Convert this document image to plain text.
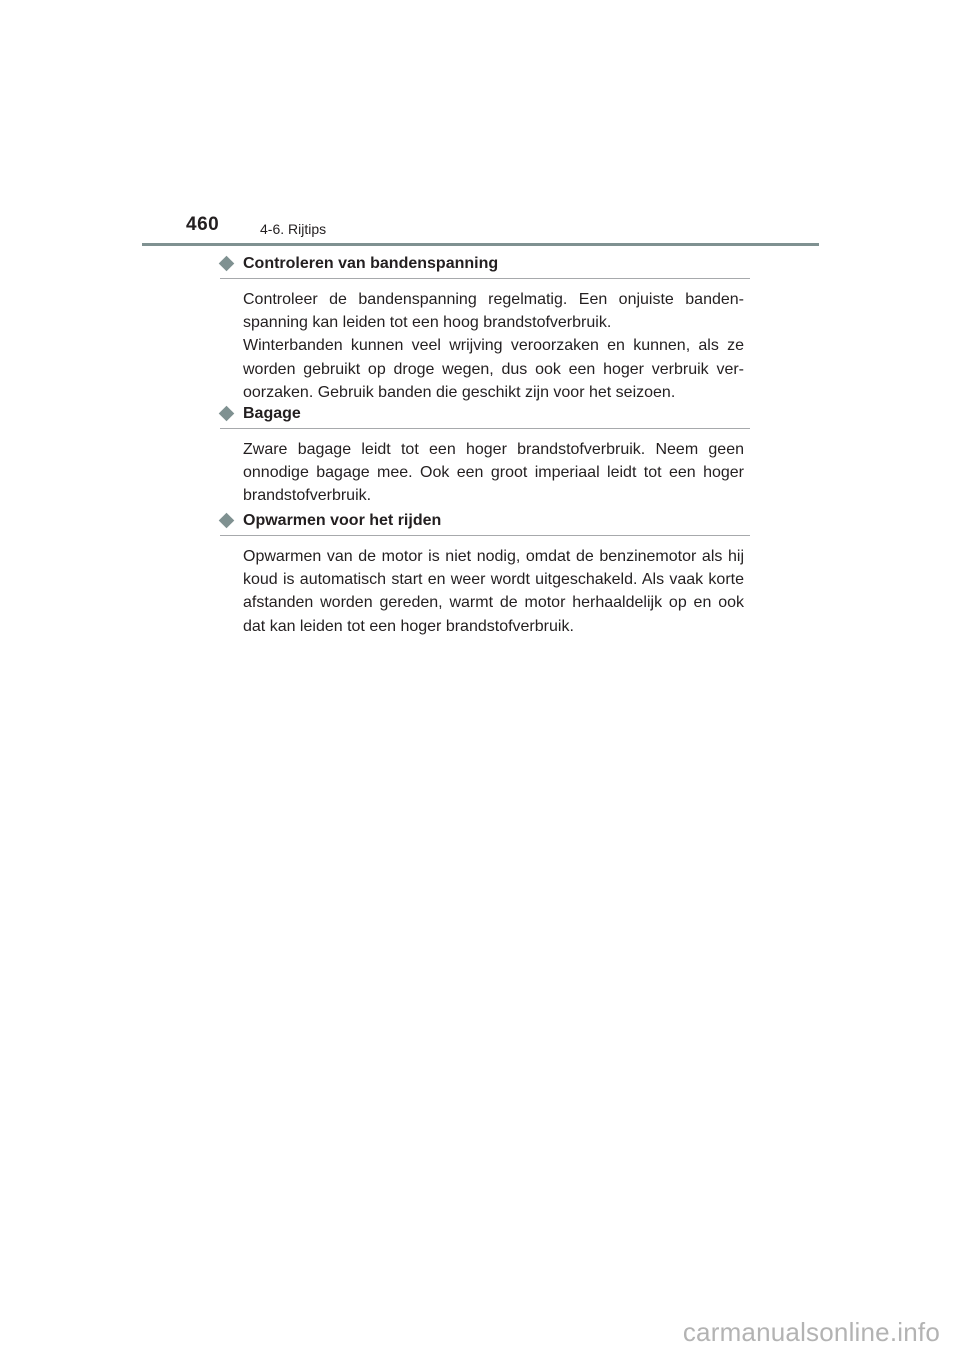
460	4-6. Rijtips
Controleren van bandenspanning

Controleer de bandenspanning regelmatig. Een onjuiste banden-spanning kan leiden tot een hoog brandstofverbruik.

Winterbanden kunnen veel wrijving veroorzaken en kunnen, als ze worden gebruikt op droge wegen, dus ook een hoger verbruik ver-oorzaken. Gebruik banden die geschikt zijn voor het seizoen.

Bagage

Zware bagage leidt tot een hoger brandstofverbruik. Neem geen onnodige bagage mee. Ook een groot imperiaal leidt tot een hoger brandstofverbruik.

Opwarmen voor het rijden

Opwarmen van de motor is niet nodig, omdat de benzinemotor als hij koud is automatisch start en weer wordt uitgeschakeld. Als vaak korte afstanden worden gereden, warmt de motor herhaaldelijk op en ook dat kan leiden tot een hoger brandstofverbruik.

carmanualsonline.info
